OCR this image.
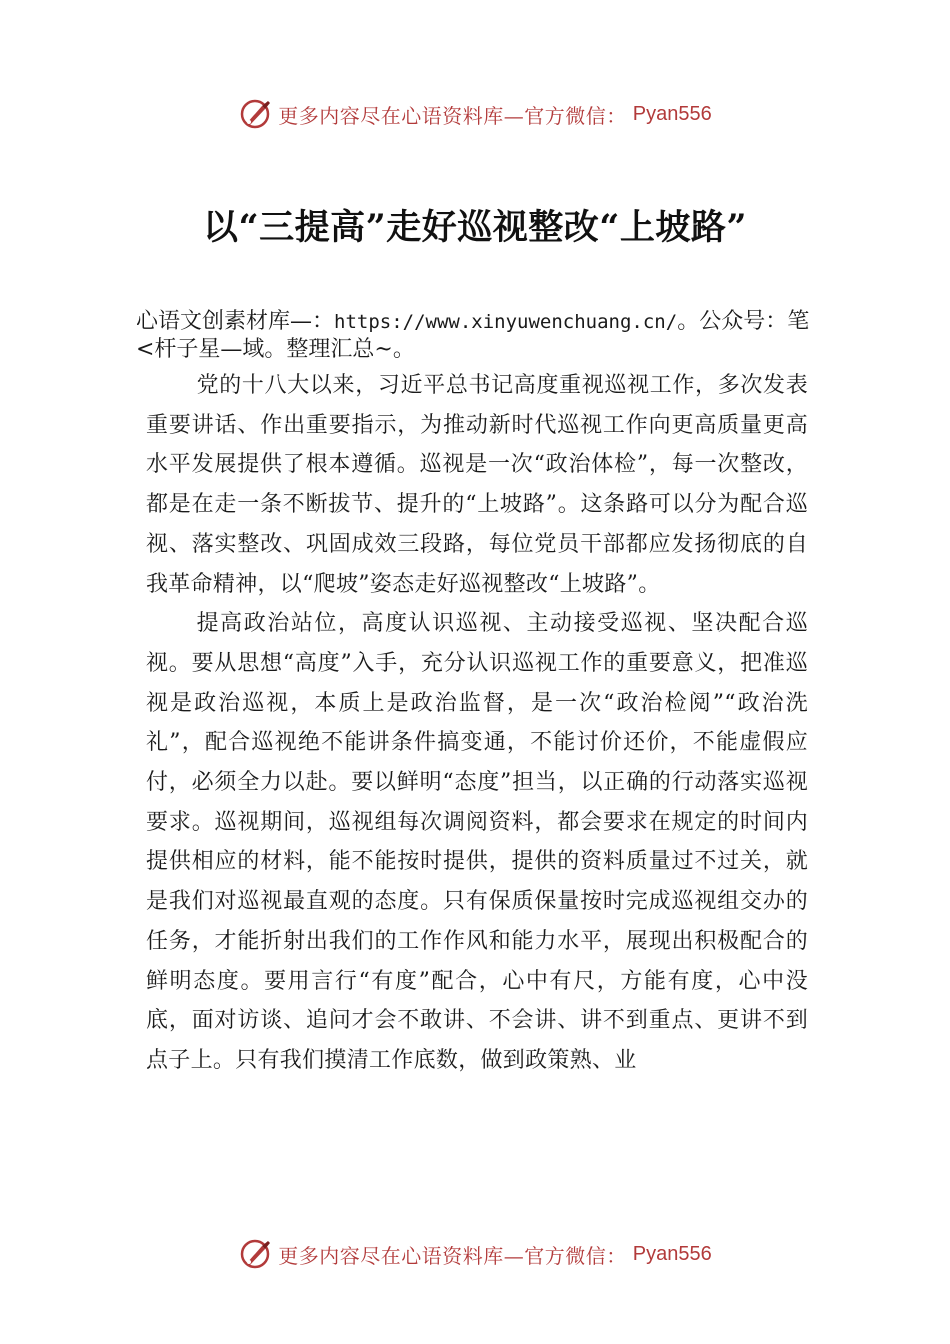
更多内容尽在心语资料库—官方微信： Pyan556
以“三提高”走好巡视整改“上坡路”

心语文创素材库—：https://www.xinyuwenchuang.cn/。公众号：笔<杆子星—域。整理汇总~。

党的十八大以来，习近平总书记高度重视巡视工作，多次发表重要讲话、作出重要指示，为推动新时代巡视工作向更高质量更高水平发展提供了根本遵循。巡视是一次“政治体检”，每一次整改，都是在走一条不断拔节、提升的“上坡路”。这条路可以分为配合巡视、落实整改、巩固成效三段路，每位党员干部都应发扬彻底的自我革命精神，以“爬坡”姿态走好巡视整改“上坡路”。

提高政治站位，高度认识巡视、主动接受巡视、坚决配合巡视。要从思想“高度”入手，充分认识巡视工作的重要意义，把准巡视是政治巡视，本质上是政治监督，是一次“政治检阅”“政治洗礼”，配合巡视绝不能讲条件搞变通，不能讨价还价，不能虚假应付，必须全力以赴。要以鲜明“态度”担当，以正确的行动落实巡视要求。巡视期间，巡视组每次调阅资料，都会要求在规定的时间内提供相应的材料，能不能按时提供，提供的资料质量过不过关，就是我们对巡视最直观的态度。只有保质保量按时完成巡视组交办的任务，才能折射出我们的工作作风和能力水平，展现出积极配合的鲜明态度。要用言行“有度”配合，心中有尺，方能有度，心中没底，面对访谈、追问才会不敢讲、不会讲、讲不到重点、更讲不到点子上。只有我们摸清工作底数，做到政策熟、业

更多内容尽在心语资料库—官方微信： Pyan556
